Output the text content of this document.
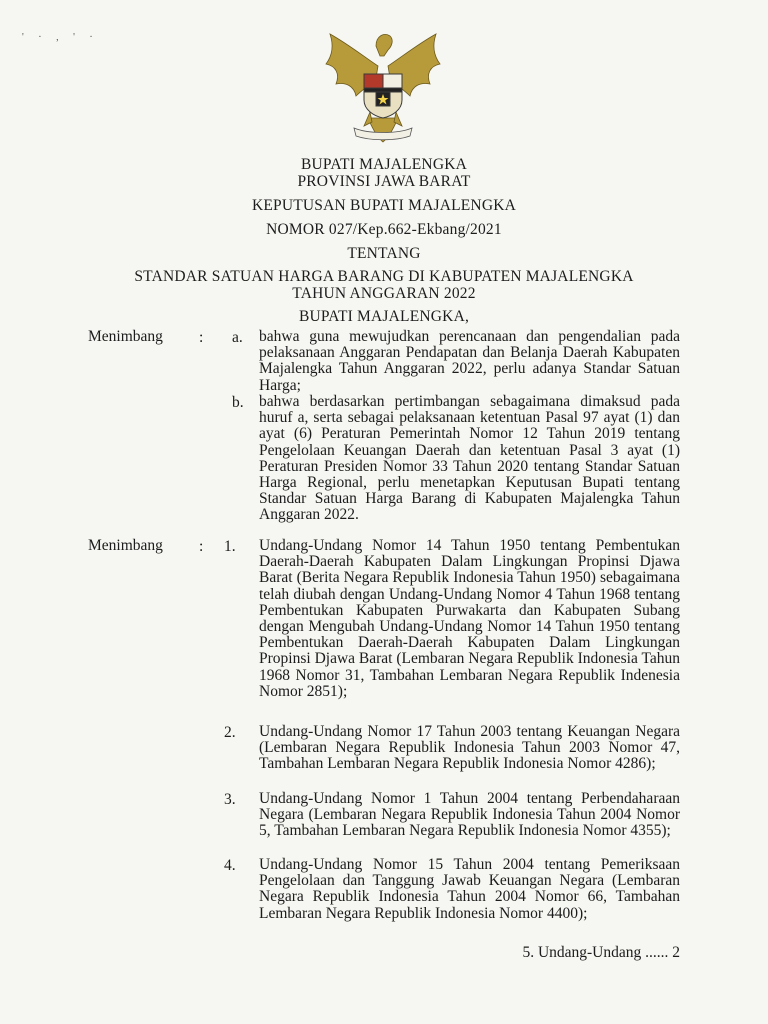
' · , ' ·
BUPATI MAJALENGKA
PROVINSI JAWA BARAT
KEPUTUSAN BUPATI MAJALENGKA
NOMOR 027/Kep.662-Ekbang/2021
TENTANG
STANDAR SATUAN HARGA BARANG DI KABUPATEN MAJALENGKA
TAHUN ANGGARAN 2022
BUPATI MAJALENGKA,
Menimbang : a. bahwa guna mewujudkan perencanaan dan pengendalian pada pelaksanaan Anggaran Pendapatan dan Belanja Daerah Kabupaten Majalengka Tahun Anggaran 2022, perlu adanya Standar Satuan Harga;
b. bahwa berdasarkan pertimbangan sebagaimana dimaksud pada huruf a, serta sebagai pelaksanaan ketentuan Pasal 97 ayat (1) dan ayat (6) Peraturan Pemerintah Nomor 12 Tahun 2019 tentang Pengelolaan Keuangan Daerah dan ketentuan Pasal 3 ayat (1) Peraturan Presiden Nomor 33 Tahun 2020 tentang Standar Satuan Harga Regional, perlu menetapkan Keputusan Bupati tentang Standar Satuan Harga Barang di Kabupaten Majalengka Tahun Anggaran 2022.
Menimbang : 1. Undang-Undang Nomor 14 Tahun 1950 tentang Pembentukan Daerah-Daerah Kabupaten Dalam Lingkungan Propinsi Djawa Barat (Berita Negara Republik Indonesia Tahun 1950) sebagaimana telah diubah dengan Undang-Undang Nomor 4 Tahun 1968 tentang Pembentukan Kabupaten Purwakarta dan Kabupaten Subang dengan Mengubah Undang-Undang Nomor 14 Tahun 1950 tentang Pembentukan Daerah-Daerah Kabupaten Dalam Lingkungan Propinsi Djawa Barat (Lembaran Negara Republik Indonesia Tahun 1968 Nomor 31, Tambahan Lembaran Negara Republik Indenesia Nomor 2851);
2. Undang-Undang Nomor 17 Tahun 2003 tentang Keuangan Negara (Lembaran Negara Republik Indonesia Tahun 2003 Nomor 47, Tambahan Lembaran Negara Republik Indonesia Nomor 4286);
3. Undang-Undang Nomor 1 Tahun 2004 tentang Perbendaharaan Negara (Lembaran Negara Republik Indonesia Tahun 2004 Nomor 5, Tambahan Lembaran Negara Republik Indonesia Nomor 4355);
4. Undang-Undang Nomor 15 Tahun 2004 tentang Pemeriksaan Pengelolaan dan Tanggung Jawab Keuangan Negara (Lembaran Negara Republik Indonesia Tahun 2004 Nomor 66, Tambahan Lembaran Negara Republik Indonesia Nomor 4400);
5. Undang-Undang ...... 2
